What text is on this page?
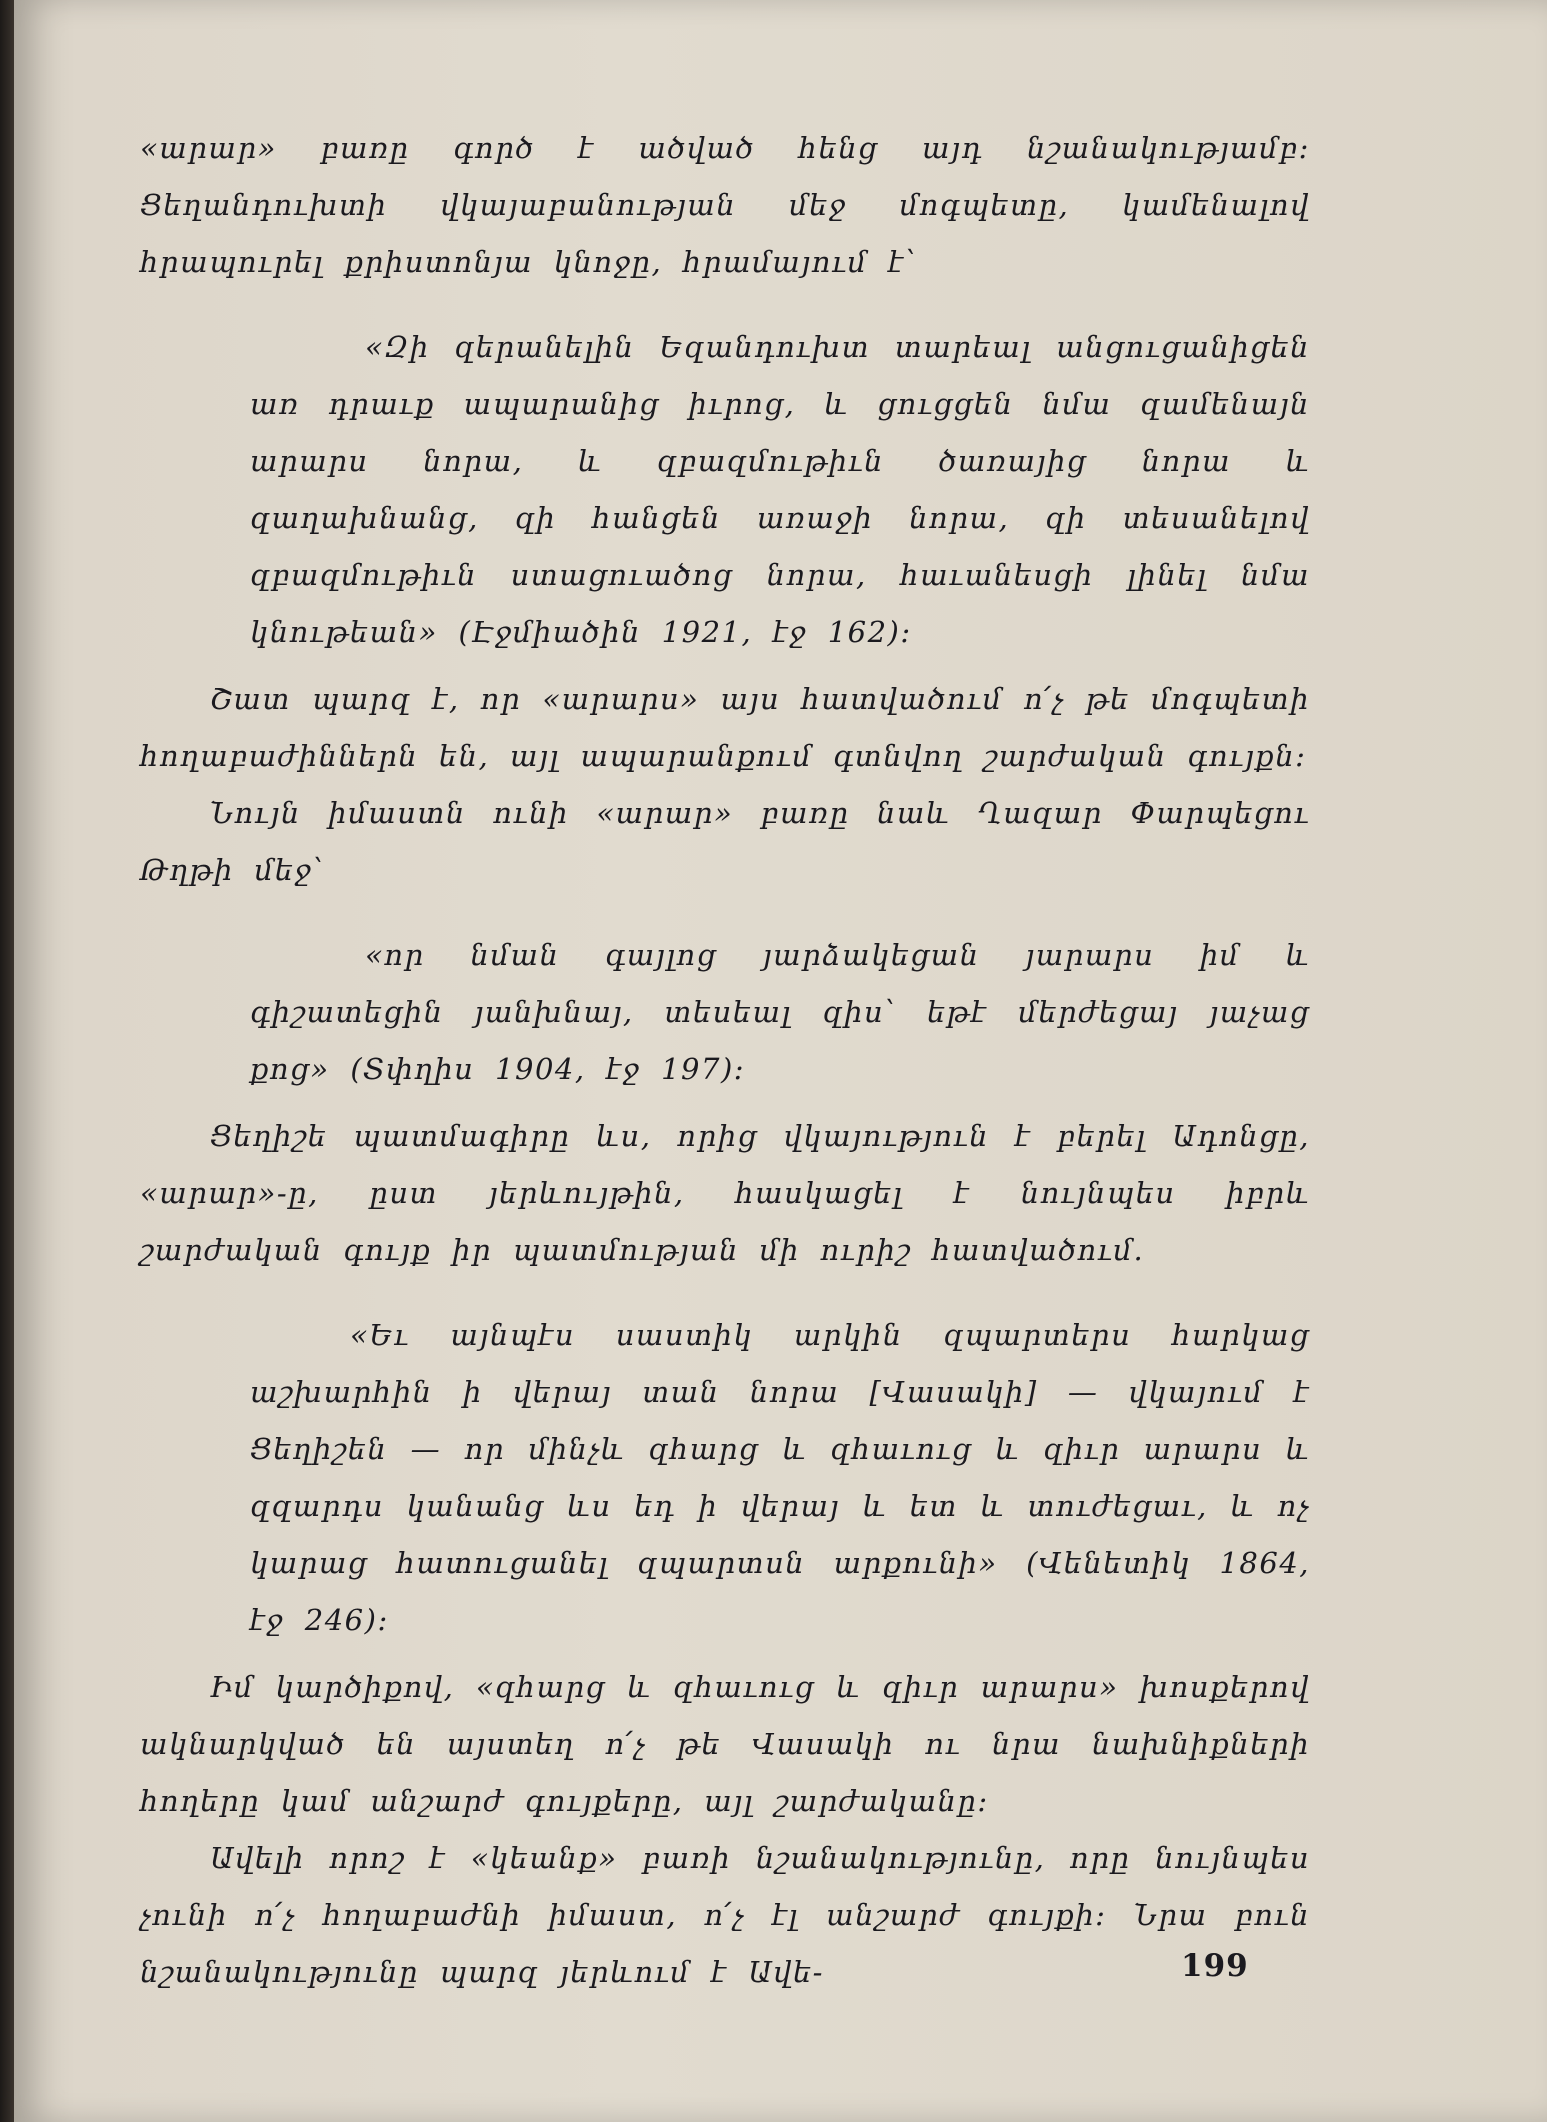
«արար» բառը գործ է ածված հենց այդ նշանակությամբ։ Ցեղանդուխտի վկայաբանության մեջ մոգպետը, կամենալով հրապուրել քրիստոնյա կնոջը, հրամայում է՝

«Զի զերանելին Եզանդուխտ տարեալ անցուցանիցեն առ դրաւք ապարանից իւրոց, և ցուցցեն նմա զամենայն արարս նորա, և զբազմութիւն ծառայից նորա և զաղախնանց, զի հանցեն առաջի նորա, զի տեսանելով զբազմութիւն ստացուածոց նորա, հաւանեսցի լինել նմա կնութեան» (Էջմիածին 1921, էջ 162)։

Շատ պարզ է, որ «արարս» այս հատվածում ո՛չ թե մոգպետի հողաբաժիններն են, այլ ապարանքում գտնվող շարժական գույքն։

Նույն իմաստն ունի «արար» բառը նաև Ղազար Փարպեցու Թղթի մեջ՝

«որ նման գայլոց յարձակեցան յարարս իմ և գիշատեցին յանխնայ, տեսեալ զիս՝ եթէ մերժեցայ յաչաց քոց» (Տփղիս 1904, էջ 197)։

Ցեղիշե պատմագիրը ևս, որից վկայություն է բերել Ադոնցը, «արար»-ը, ըստ յերևույթին, հասկացել է նույնպես իբրև շարժական գույք իր պատմության մի ուրիշ հատվածում.

«Եւ այնպէս սաստիկ արկին զպարտերս հարկաց աշխարհին ի վերայ տան նորա [Վասակի] — վկայում է Ցեղիշեն — որ մինչև զհարց և զհաւուց և զիւր արարս և զզարդս կանանց ևս եդ ի վերայ և ետ և տուժեցաւ, և ոչ կարաց հատուցանել զպարտսն արքունի» (Վենետիկ 1864, էջ 246)։

Իմ կարծիքով, «զհարց և զհաւուց և զիւր արարս» խոսքերով ակնարկված են այստեղ ո՛չ թե Վասակի ու նրա նախնիքների հողերը կամ անշարժ գույքերը, այլ շարժականը։

Ավելի որոշ է «կեանք» բառի նշանակությունը, որը նույնպես չունի ո՛չ հողաբաժնի իմաստ, ո՛չ էլ անշարժ գույքի։ Նրա բուն նշանակությունը պարզ յերևում է Ավե-	199
